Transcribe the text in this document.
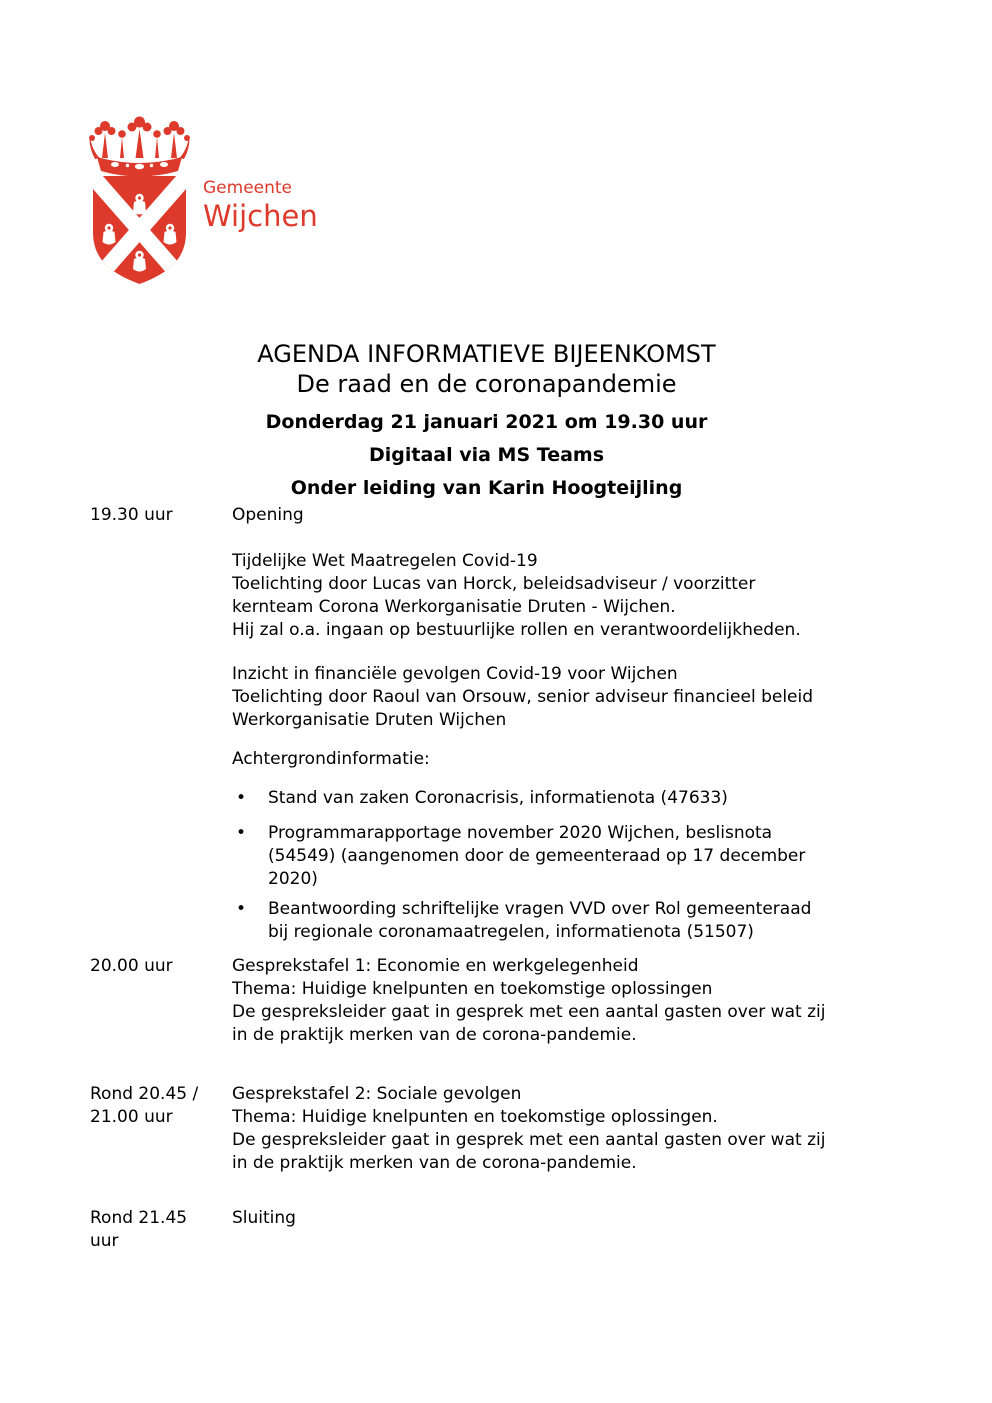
Gemeente
Wijchen
AGENDA INFORMATIEVE BIJEENKOMST
De raad en de coronapandemie
Donderdag 21 januari 2021 om 19.30 uur
Digitaal via MS Teams
Onder leiding van Karin Hoogteijling
19.30 uur	Opening
Tijdelijke Wet Maatregelen Covid-19
Toelichting door Lucas van Horck, beleidsadviseur / voorzitter
kernteam Corona Werkorganisatie Druten - Wijchen.
Hij zal o.a. ingaan op bestuurlijke rollen en verantwoordelijkheden.
Inzicht in financiële gevolgen Covid-19 voor Wijchen
Toelichting door Raoul van Orsouw, senior adviseur financieel beleid
Werkorganisatie Druten Wijchen
Achtergrondinformatie:
• Stand van zaken Coronacrisis, informatienota (47633)
• Programmarapportage november 2020 Wijchen, beslisnota
(54549) (aangenomen door de gemeenteraad op 17 december
2020)
• Beantwoording schriftelijke vragen VVD over Rol gemeenteraad
bij regionale coronamaatregelen, informatienota (51507)
20.00 uur	Gesprekstafel 1: Economie en werkgelegenheid
Thema: Huidige knelpunten en toekomstige oplossingen
De gespreksleider gaat in gesprek met een aantal gasten over wat zij
in de praktijk merken van de corona-pandemie.
Rond 20.45 /
21.00 uur
Gesprekstafel 2: Sociale gevolgen
Thema: Huidige knelpunten en toekomstige oplossingen.
De gespreksleider gaat in gesprek met een aantal gasten over wat zij
in de praktijk merken van de corona-pandemie.
Rond 21.45
uur
Sluiting
